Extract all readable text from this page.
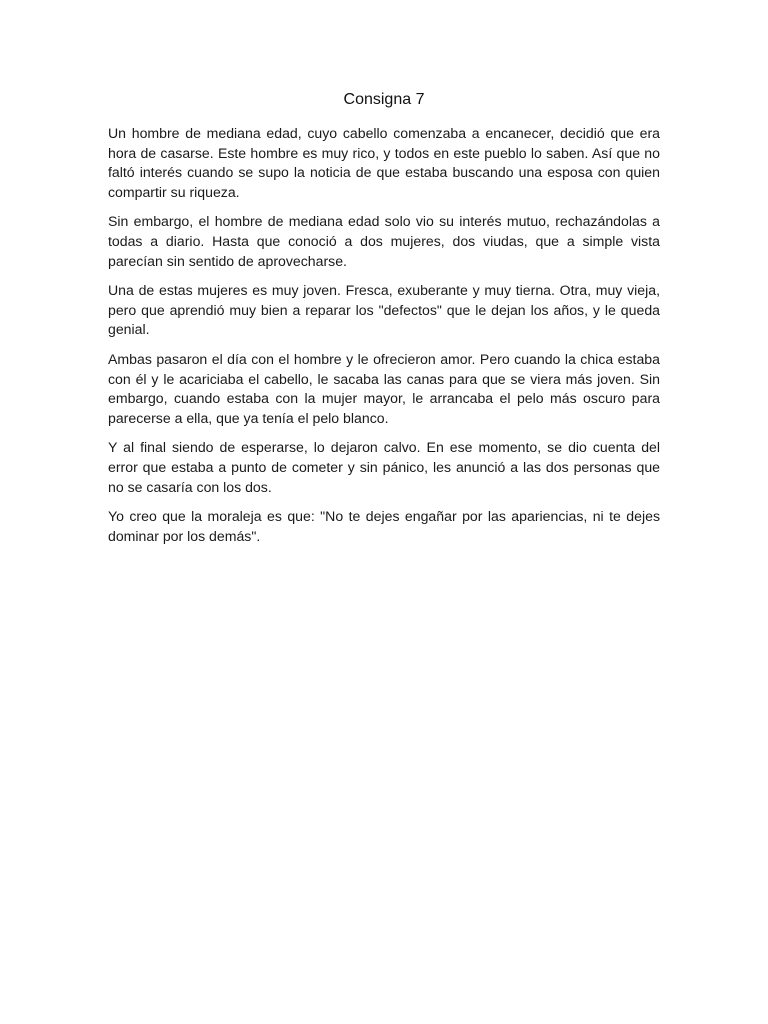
Consigna 7

Un hombre de mediana edad, cuyo cabello comenzaba a encanecer, decidió que era hora de casarse. Este hombre es muy rico, y todos en este pueblo lo saben. Así que no faltó interés cuando se supo la noticia de que estaba buscando una esposa con quien compartir su riqueza.

Sin embargo, el hombre de mediana edad solo vio su interés mutuo, rechazándolas a todas a diario. Hasta que conoció a dos mujeres, dos viudas, que a simple vista parecían sin sentido de aprovecharse.

Una de estas mujeres es muy joven. Fresca, exuberante y muy tierna. Otra, muy vieja, pero que aprendió muy bien a reparar los "defectos" que le dejan los años, y le queda genial.

Ambas pasaron el día con el hombre y le ofrecieron amor. Pero cuando la chica estaba con él y le acariciaba el cabello, le sacaba las canas para que se viera más joven. Sin embargo, cuando estaba con la mujer mayor, le arrancaba el pelo más oscuro para parecerse a ella, que ya tenía el pelo blanco.

Y al final siendo de esperarse, lo dejaron calvo. En ese momento, se dio cuenta del error que estaba a punto de cometer y sin pánico, les anunció a las dos personas que no se casaría con los dos.

Yo creo que la moraleja es que: "No te dejes engañar por las apariencias, ni te dejes dominar por los demás".
